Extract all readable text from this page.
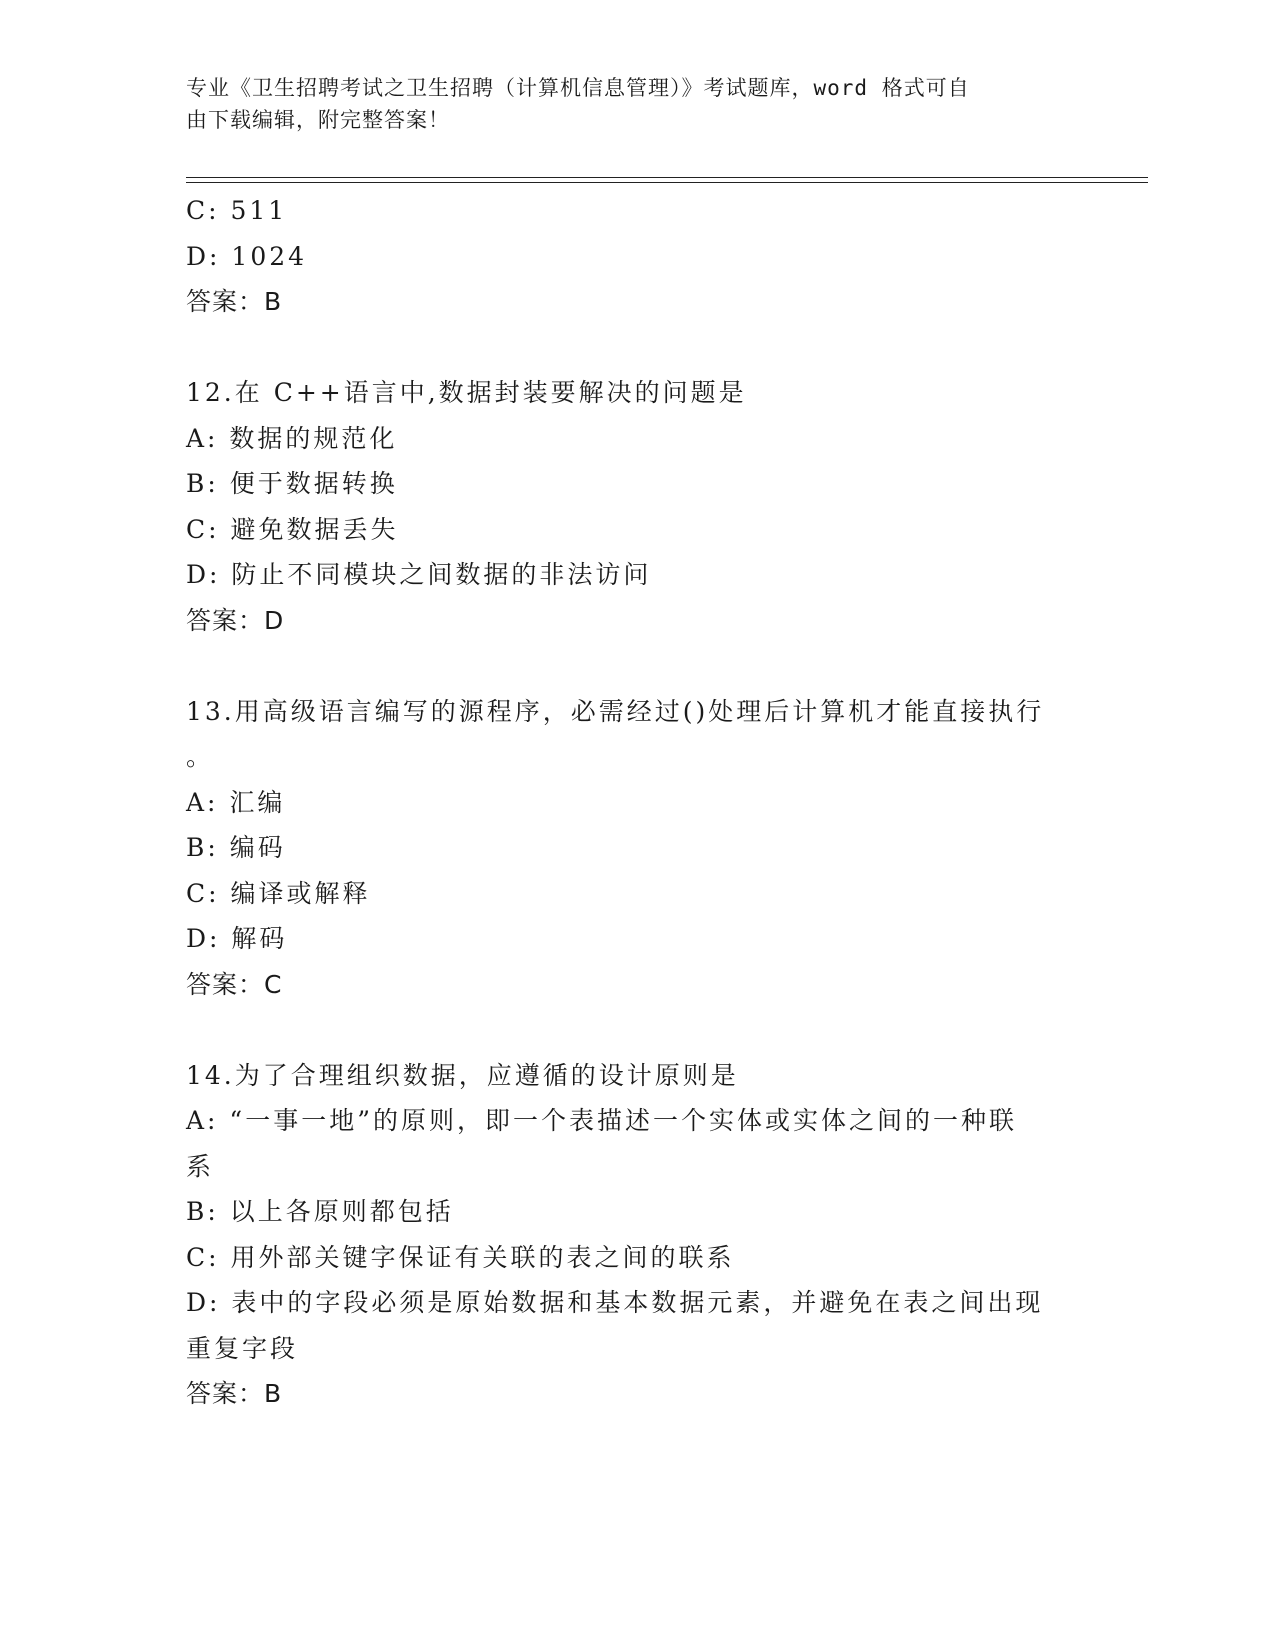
专业《卫生招聘考试之卫生招聘（计算机信息管理）》考试题库，word 格式可自
由下载编辑，附完整答案！
C: 511
D: 1024
答案：B
12.在 C++语言中,数据封装要解决的问题是
A: 数据的规范化
B: 便于数据转换
C: 避免数据丢失
D: 防止不同模块之间数据的非法访问
答案：D
13.用高级语言编写的源程序，必需经过()处理后计算机才能直接执行
。
A: 汇编
B: 编码
C: 编译或解释
D: 解码
答案：C
14.为了合理组织数据，应遵循的设计原则是
A: “一事一地”的原则，即一个表描述一个实体或实体之间的一种联
系
B: 以上各原则都包括
C: 用外部关键字保证有关联的表之间的联系
D: 表中的字段必须是原始数据和基本数据元素，并避免在表之间出现
重复字段
答案：B
